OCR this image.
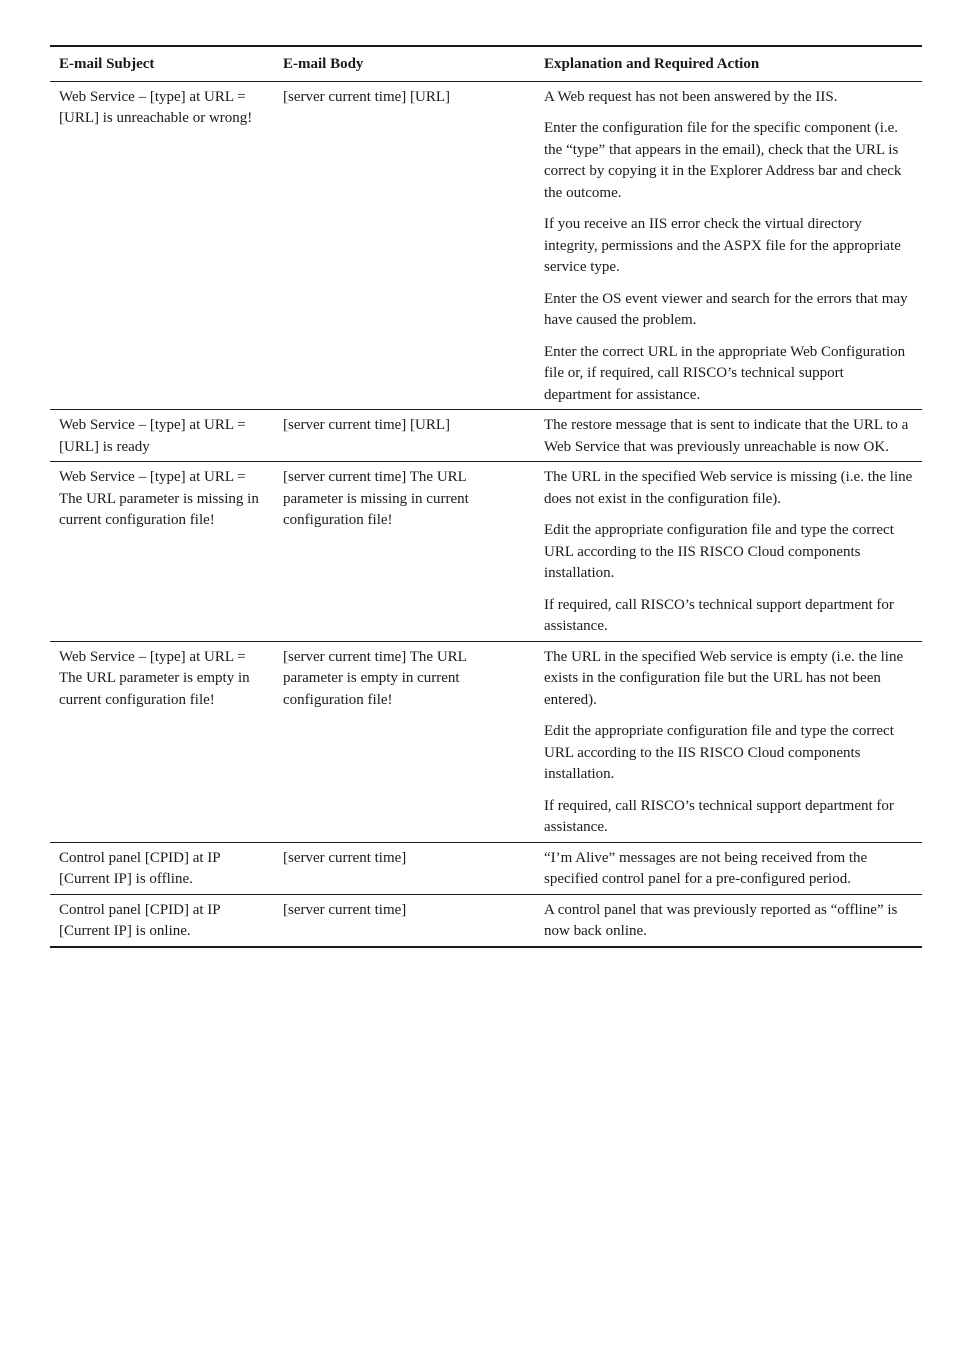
E-mail Subject	E-mail Body	Explanation and Required Action
Web Service – [type] at URL = [URL] is unreachable or wrong!	[server current time] [URL]	A Web request has not been answered by the IIS.

Enter the configuration file for the specific component (i.e. the “type” that appears in the email), check that the URL is correct by copying it in the Explorer Address bar and check the outcome.

If you receive an IIS error check the virtual directory integrity, permissions and the ASPX file for the appropriate service type.

Enter the OS event viewer and search for the errors that may have caused the problem.

Enter the correct URL in the appropriate Web Configuration file or, if required, call RISCO’s technical support department for assistance.

Web Service – [type] at URL = [URL] is ready	[server current time] [URL]	The restore message that is sent to indicate that the URL to a Web Service that was previously unreachable is now OK.

Web Service – [type] at URL = The URL parameter is missing in current configuration file!	[server current time] The URL parameter is missing in current configuration file!	The URL in the specified Web service is missing (i.e. the line does not exist in the configuration file).

Edit the appropriate configuration file and type the correct URL according to the IIS RISCO Cloud components installation.

If required, call RISCO’s technical support department for assistance.

Web Service – [type] at URL = The URL parameter is empty in current configuration file!	[server current time] The URL parameter is empty in current configuration file!	The URL in the specified Web service is empty (i.e. the line exists in the configuration file but the URL has not been entered).

Edit the appropriate configuration file and type the correct URL according to the IIS RISCO Cloud components installation.

If required, call RISCO’s technical support department for assistance.

Control panel [CPID] at IP [Current IP] is offline.	[server current time]	“I’m Alive” messages are not being received from the specified control panel for a pre-configured period.

Control panel [CPID] at IP [Current IP] is online.	[server current time]	A control panel that was previously reported as “offline” is now back online.
